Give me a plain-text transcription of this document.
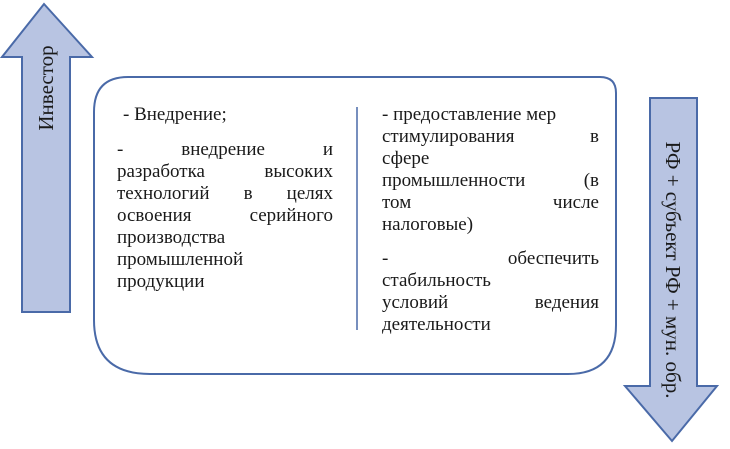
Инвестор
РФ + субъект РФ + мун. обр.

- Внедрение;

-	внедрение	и

разработка	высоких

технологий в целях

освоения серийного

производства

промышленной

продукции

- предоставление мер

стимулирования	в

сфере

промышленности	(в

том	числе

налоговые)

-	обеспечить

стабильность

условий	ведения

деятельности
